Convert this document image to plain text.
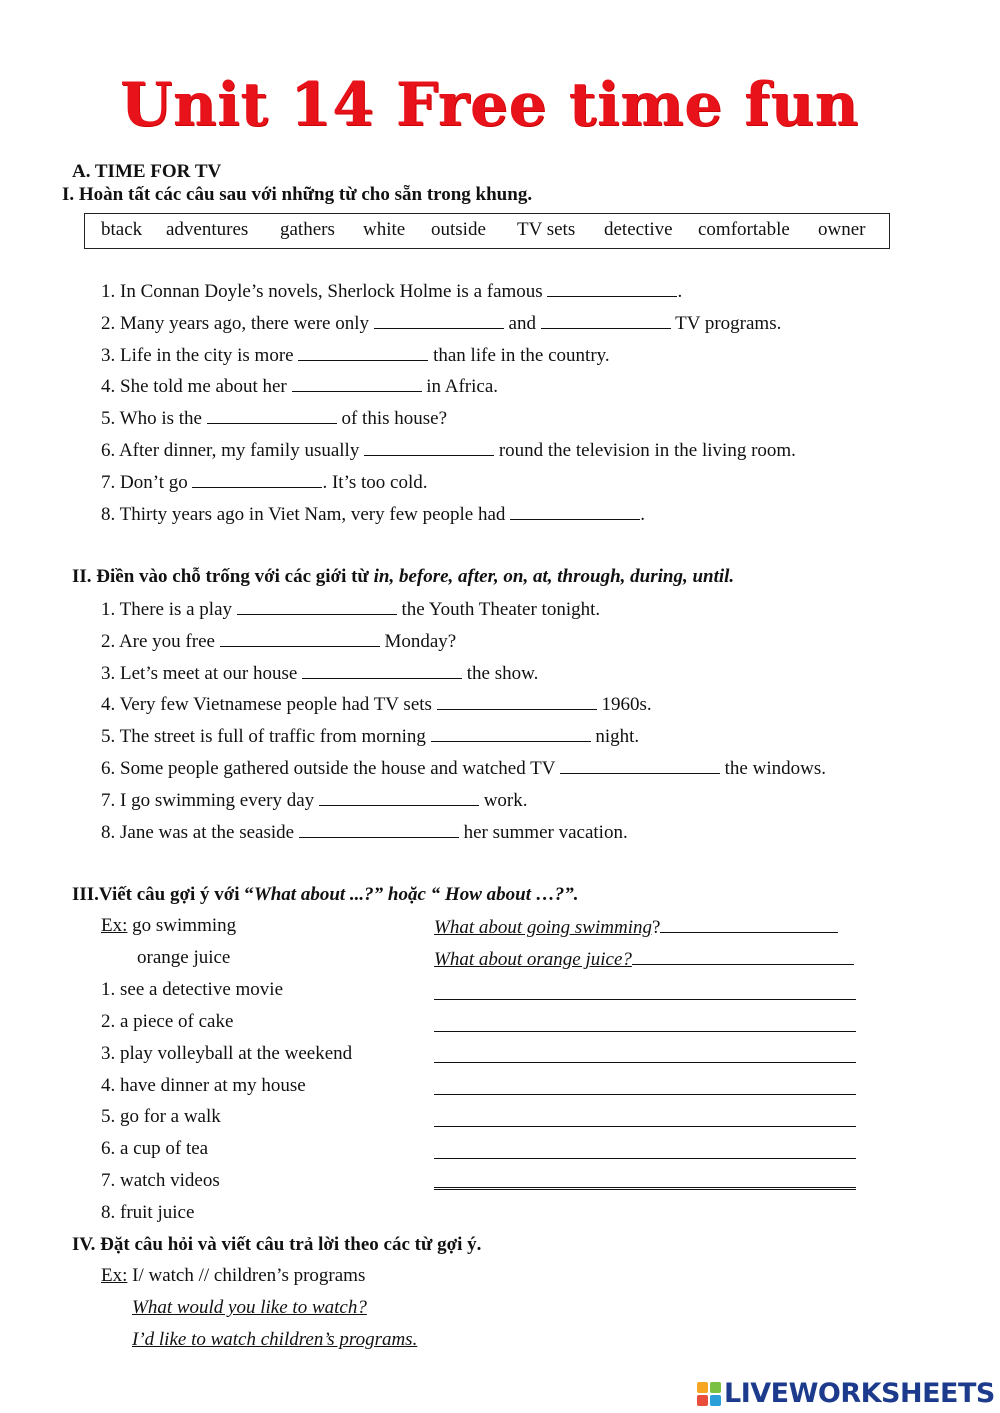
Unit 14 Free time fun
A. TIME FOR TV
I. Hoàn tất các câu sau với những từ cho sẵn trong khung.
btack adventures gathers white outside TV sets detective comfortable owner
1. In Connan Doyle’s novels, Sherlock Holme is a famous	.
2. Many years ago, there were only	and	TV programs.
3. Life in the city is more	than life in the country.
4. She told me about her	in Africa.
5. Who is the	of this house?
6. After dinner, my family usually	round the television in the living room.
7. Don’t go	. It’s too cold.
8. Thirty years ago in Viet Nam, very few people had	.
II. Điền vào chỗ trống với các giới từ in, before, after, on, at, through, during, until.
1. There is a play	the Youth Theater tonight.
2. Are you free	Monday?
3. Let’s meet at our house	the show.
4. Very few Vietnamese people had TV sets	1960s.
5. The street is full of traffic from morning	night.
6. Some people gathered outside the house and watched TV	the windows.
7. I go swimming every day	work.
8. Jane was at the seaside	her summer vacation.
III.Viết câu gợi ý với “What about ...?” hoặc “ How about …?”.
Ex: go swimming	What about going swimming?
orange juice	What about orange juice?
1. see a detective movie
2. a piece of cake
3. play volleyball at the weekend
4. have dinner at my house
5. go for a walk
6. a cup of tea
7. watch videos
8. fruit juice
IV. Đặt câu hỏi và viết câu trả lời theo các từ gợi ý.
Ex: I/ watch // children’s programs
What would you like to watch?
I’d like to watch children’s programs.
LIVEWORKSHEETS
